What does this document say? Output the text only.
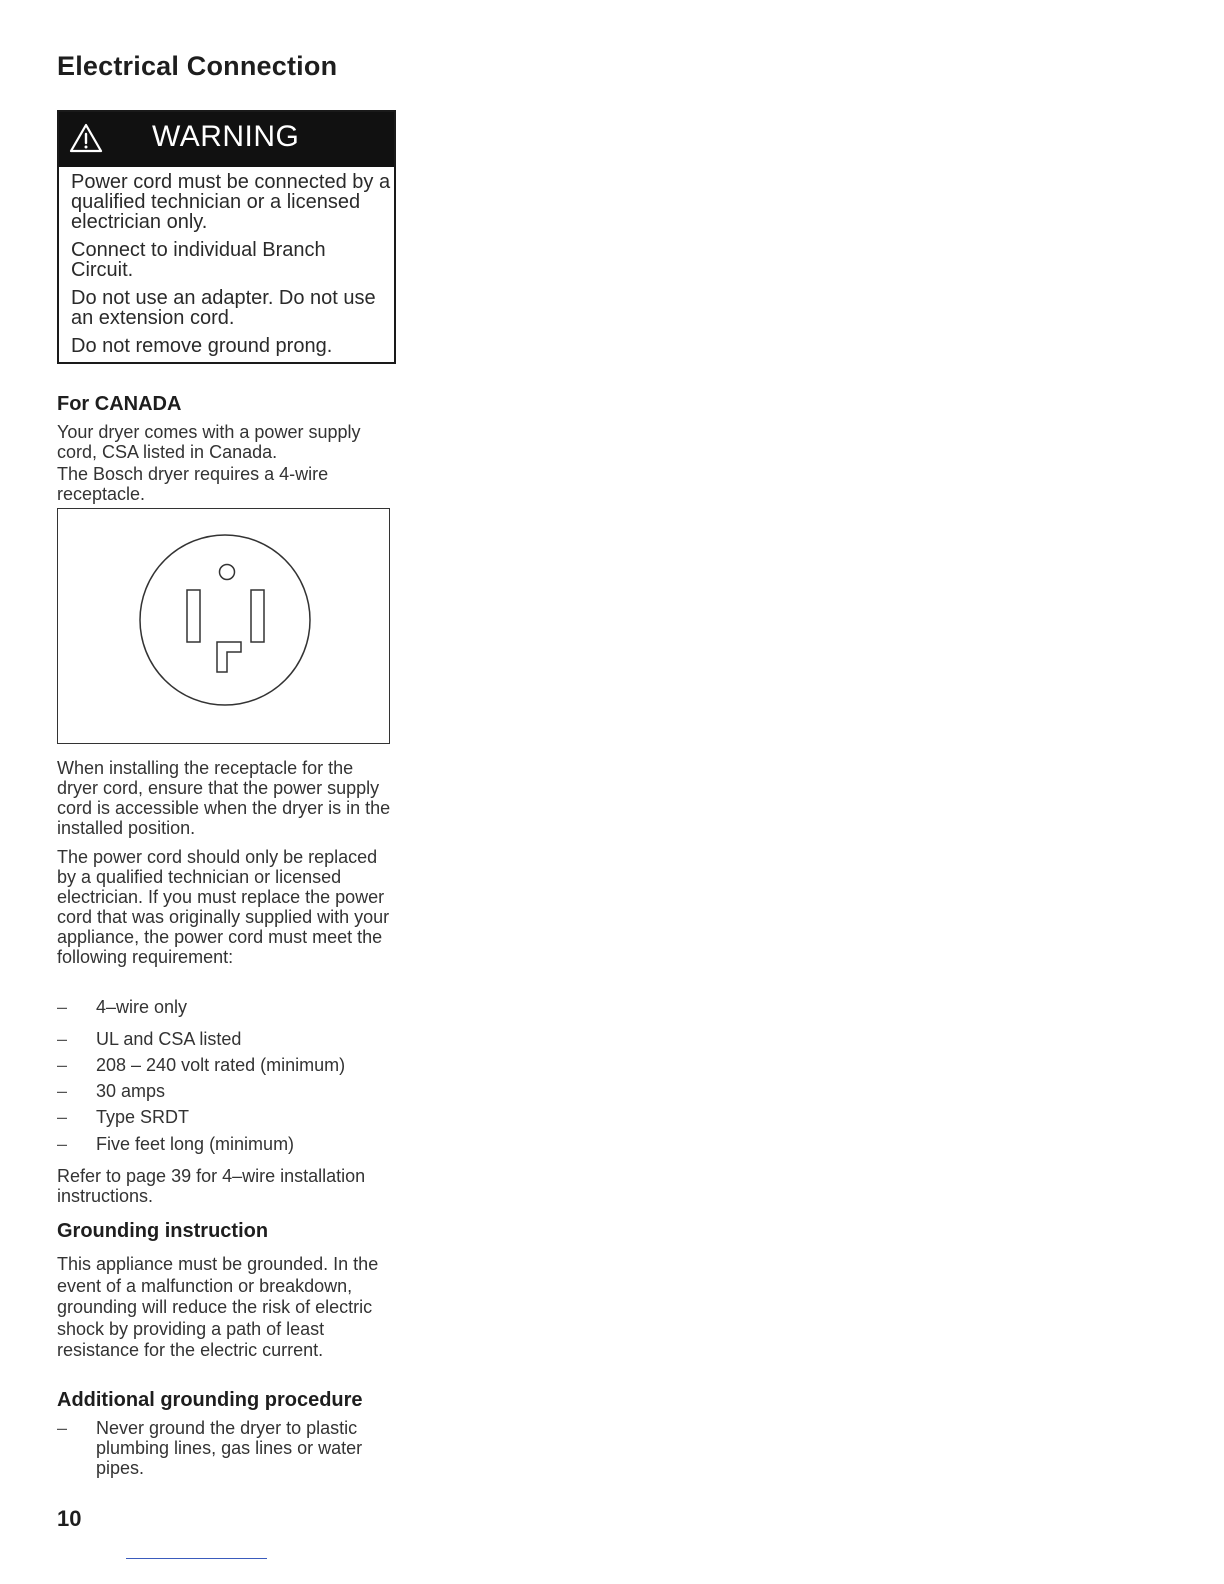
Electrical Connection
WARNING
Power cord must be connected by a qualified technician or a licensed electrician only.
Connect to individual Branch Circuit.
Do not use an adapter. Do not use an extension cord.
Do not remove ground prong.
For CANADA
Your dryer comes with a power supply cord, CSA listed in Canada.
The Bosch dryer requires a 4-wire receptacle.
When installing the receptacle for the dryer cord, ensure that the power supply cord is accessible when the dryer is in the installed position.
The power cord should only be replaced by a qualified technician or licensed electrician. If you must replace the power cord that was originally supplied with your appliance, the power cord must meet the following requirement:
– 4–wire only
– UL and CSA listed
– 208 – 240 volt rated (minimum)
– 30 amps
– Type SRDT
– Five feet long (minimum)
Refer to page 39 for 4–wire installation instructions.
Grounding instruction
This appliance must be grounded. In the event of a malfunction or breakdown, grounding will reduce the risk of electric shock by providing a path of least resistance for the electric current.
Additional grounding procedure
– Never ground the dryer to plastic plumbing lines, gas lines or water pipes.
10
